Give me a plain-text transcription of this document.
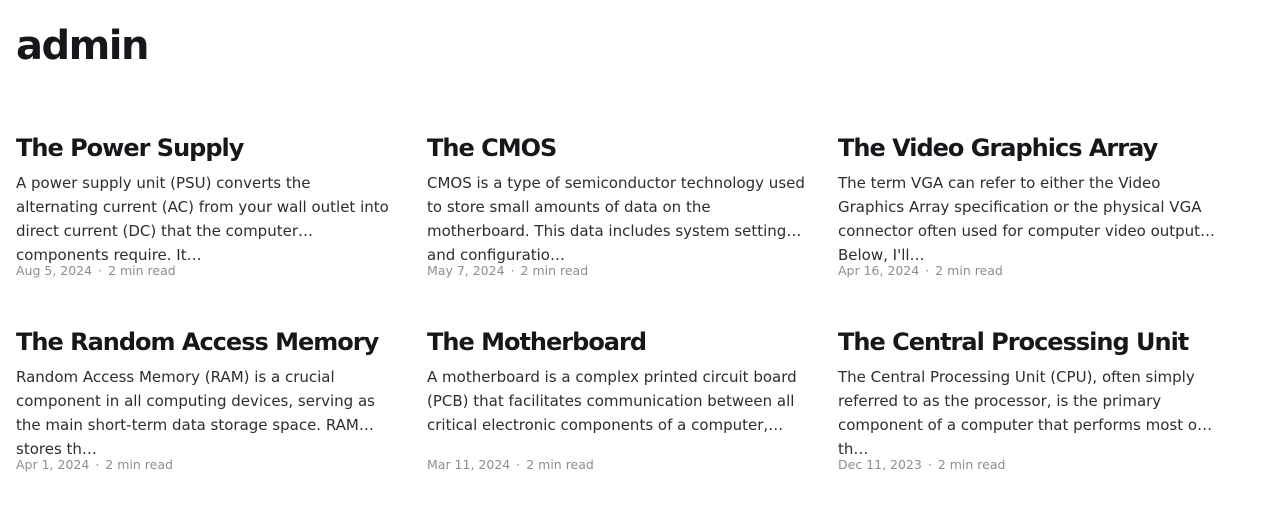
admin
The Power Supply

A power supply unit (PSU) converts the alternating current (AC) from your wall outlet into direct current (DC) that the computer components require. It…

Aug 5, 2024 · 2 min read
The CMOS

CMOS is a type of semiconductor technology used to store small amounts of data on the motherboard. This data includes system settings and configuratio…

May 7, 2024 · 2 min read
The Video Graphics Array

The term VGA can refer to either the Video Graphics Array specification or the physical VGA connector often used for computer video output. Below, I'll…

Apr 16, 2024 · 2 min read
The Random Access Memory

Random Access Memory (RAM) is a crucial component in all computing devices, serving as the main short-term data storage space. RAM stores th…

Apr 1, 2024 · 2 min read
The Motherboard

A motherboard is a complex printed circuit board (PCB) that facilitates communication between all critical electronic components of a computer,…

Mar 11, 2024 · 2 min read
The Central Processing Unit

The Central Processing Unit (CPU), often simply referred to as the processor, is the primary component of a computer that performs most of th…

Dec 11, 2023 · 2 min read
